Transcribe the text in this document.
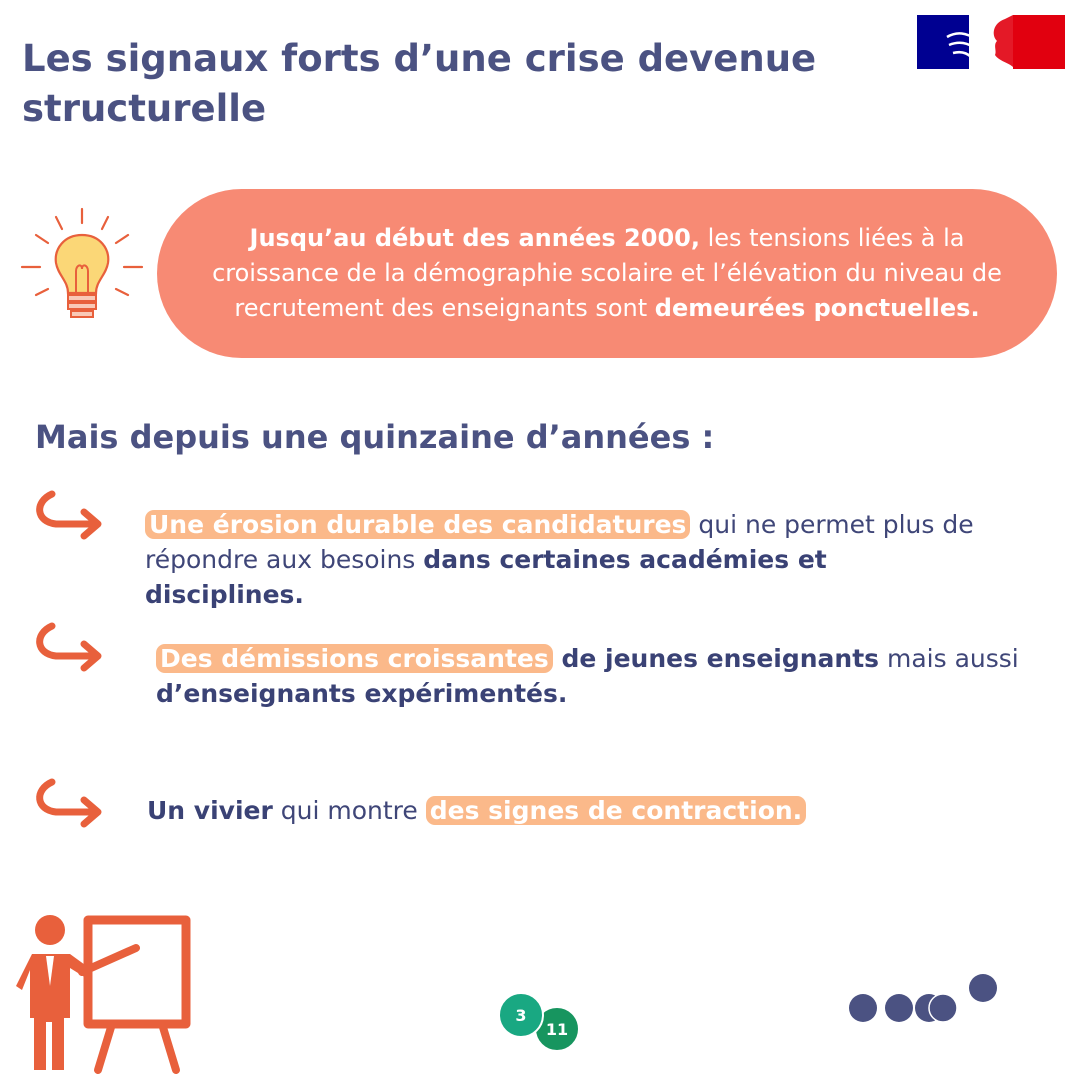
Les signaux forts d’une crise devenue structurelle

Jusqu’au début des années 2000, les tensions liées à la croissance de la démographie scolaire et l’élévation du niveau de recrutement des enseignants sont demeurées ponctuelles.

Mais depuis une quinzaine d’années :
Une érosion durable des candidatures qui ne permet plus de répondre aux besoins dans certaines académies et disciplines.
Des démissions croissantes de jeunes enseignants mais aussi d’enseignants expérimentés.
Un vivier qui montre des signes de contraction.
3
11
